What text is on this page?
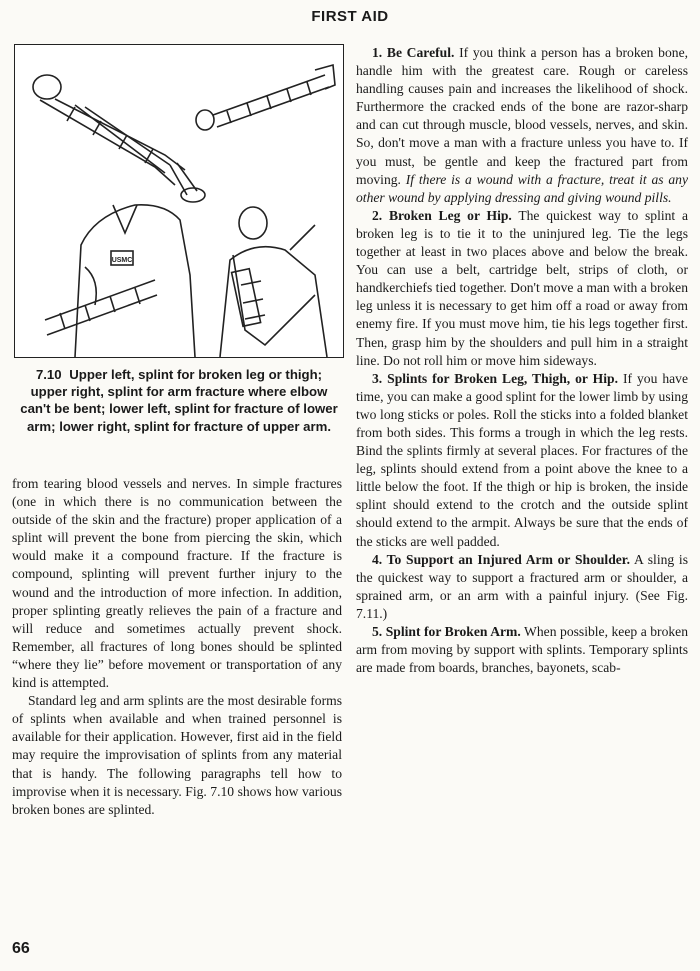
FIRST AID
USMC
7.10 Upper left, splint for broken leg or thigh; upper right, splint for arm fracture where elbow can't be bent; lower left, splint for fracture of lower arm; lower right, splint for fracture of upper arm.

from tearing blood vessels and nerves. In simple fractures (one in which there is no communication between the outside of the skin and the fracture) proper application of a splint will prevent the bone from piercing the skin, which would make it a compound fracture. If the fracture is compound, splinting will prevent further injury to the wound and the introduction of more infection. In addition, proper splinting greatly relieves the pain of a fracture and will reduce and sometimes actually prevent shock. Remember, all fractures of long bones should be splinted “where they lie” before movement or transportation of any kind is attempted.

Standard leg and arm splints are the most desirable forms of splints when available and when trained personnel is available for their application. However, first aid in the field may require the improvisation of splints from any material that is handy. The following paragraphs tell how to improvise when it is necessary. Fig. 7.10 shows how various broken bones are splinted.

1. Be Careful. If you think a person has a broken bone, handle him with the greatest care. Rough or careless handling causes pain and increases the likelihood of shock. Furthermore the cracked ends of the bone are razor-sharp and can cut through muscle, blood vessels, nerves, and skin. So, don't move a man with a fracture unless you have to. If you must, be gentle and keep the fractured part from moving. If there is a wound with a fracture, treat it as any other wound by applying dressing and giving wound pills.

2. Broken Leg or Hip. The quickest way to splint a broken leg is to tie it to the uninjured leg. Tie the legs together at least in two places above and below the break. You can use a belt, cartridge belt, strips of cloth, or handkerchiefs tied together. Don't move a man with a broken leg unless it is necessary to get him off a road or away from enemy fire. If you must move him, tie his legs together first. Then, grasp him by the shoulders and pull him in a straight line. Do not roll him or move him sideways.

3. Splints for Broken Leg, Thigh, or Hip. If you have time, you can make a good splint for the lower limb by using two long sticks or poles. Roll the sticks into a folded blanket from both sides. This forms a trough in which the leg rests. Bind the splints firmly at several places. For fractures of the leg, splints should extend from a point above the knee to a little below the foot. If the thigh or hip is broken, the inside splint should extend to the crotch and the outside splint should extend to the armpit. Always be sure that the ends of the sticks are well padded.

4. To Support an Injured Arm or Shoulder. A sling is the quickest way to support a fractured arm or shoulder, a sprained arm, or an arm with a painful injury. (See Fig. 7.11.)

5. Splint for Broken Arm. When possible, keep a broken arm from moving by support with splints. Temporary splints are made from boards, branches, bayonets, scab-

66
